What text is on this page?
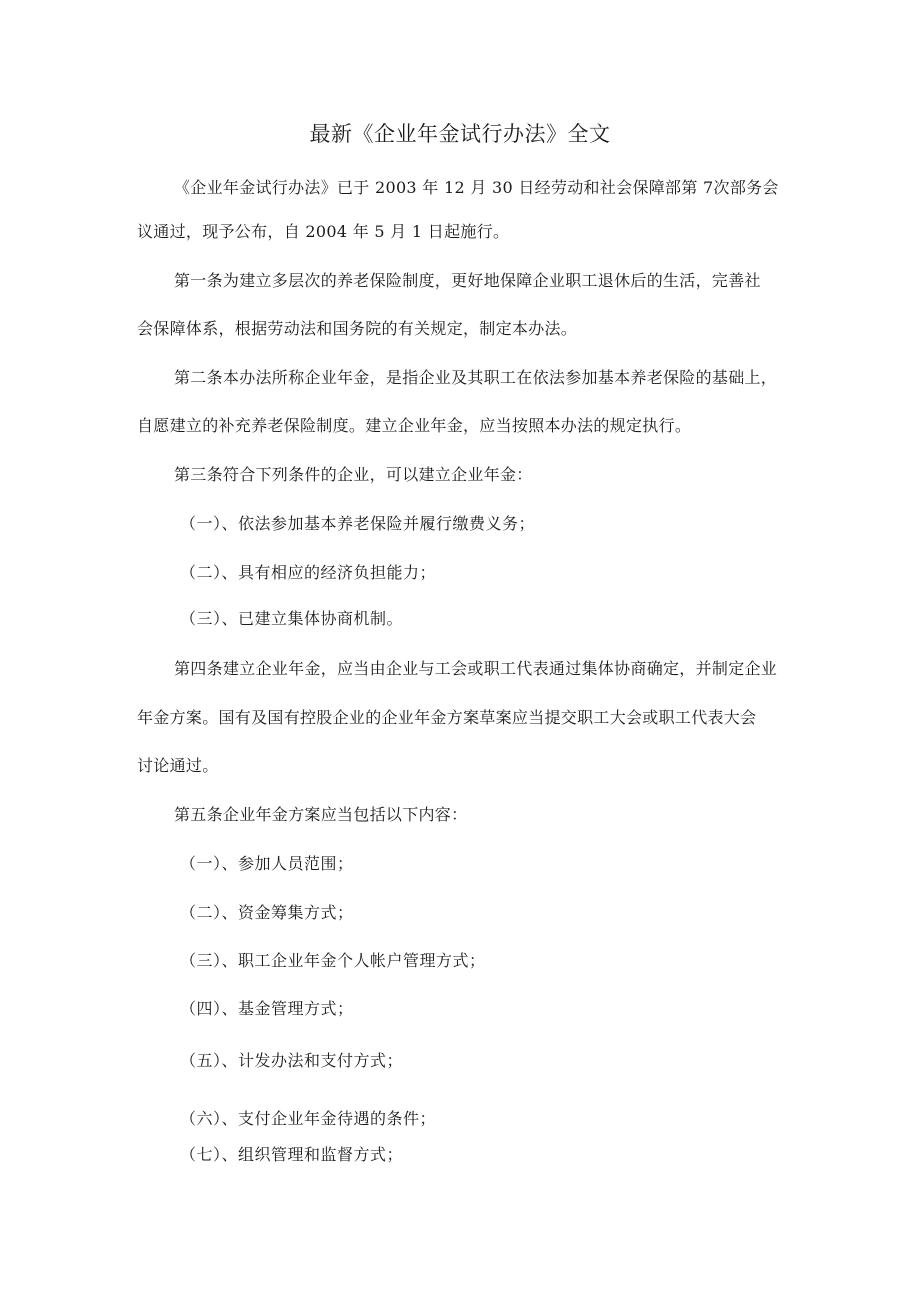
最新《企业年金试行办法》全文
《企业年金试行办法》已于 2003 年 12 月 30 日经劳动和社会保障部第 7次部务会
议通过，现予公布，自 2004 年 5 月 1 日起施行。
第一条为建立多层次的养老保险制度，更好地保障企业职工退休后的生活，完善社
会保障体系，根据劳动法和国务院的有关规定，制定本办法。
第二条本办法所称企业年金，是指企业及其职工在依法参加基本养老保险的基础上，
自愿建立的补充养老保险制度。建立企业年金，应当按照本办法的规定执行。
第三条符合下列条件的企业，可以建立企业年金：
（一）、依法参加基本养老保险并履行缴费义务；
（二）、具有相应的经济负担能力；
（三）、已建立集体协商机制。
第四条建立企业年金，应当由企业与工会或职工代表通过集体协商确定，并制定企业
年金方案。国有及国有控股企业的企业年金方案草案应当提交职工大会或职工代表大会
讨论通过。
第五条企业年金方案应当包括以下内容：
（一）、参加人员范围；
（二）、资金筹集方式；
（三）、职工企业年金个人帐户管理方式；
（四）、基金管理方式；
（五）、计发办法和支付方式；
（六）、支付企业年金待遇的条件；
（七）、组织管理和监督方式；
